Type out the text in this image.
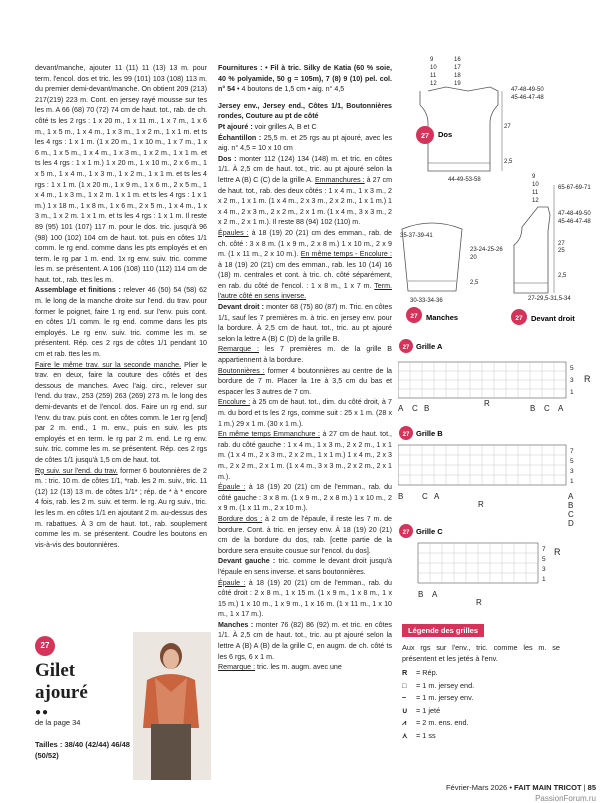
devant/manche, ajouter 11 (11) 11 (13) 13 m. pour term. l'encol. dos et tric. les 99 (101) 103 (108) 113 m. du premier demi-devant/manche. On obtient 209 (213) 217(219) 223 m. Cont. en jersey rayé mousse sur tes les m. A 66 (68) 70 (72) 74 cm de haut. tot., rab. de ch. côté ts les 2 rgs : 1 x 20 m., 1 x 11 m., 1 x 7 m., 1 x 6 m., 1 x 5 m., 1 x 4 m., 1 x 3 m., 1 x 2 m., 1 x 1 m. et ts les 4 rgs : 1 x 1 m. (1 x 20 m., 1 x 10 m., 1 x 7 m., 1 x 6 m., 1 x 5 m., 1 x 4 m., 1 x 3 m., 1 x 2 m., 1 x 1 m. et ts les 4 rgs : 1 x 1 m.) 1 x 20 m., 1 x 10 m., 2 x 6 m., 1 x 5 m., 1 x 4 m., 1 x 3 m., 1 x 2 m., 1 x 1 m. et ts les 4 rgs : 1 x 1 m. (1 x 20 m., 1 x 9 m., 1 x 6 m., 2 x 5 m., 1 x 4 m., 1 x 3 m., 1 x 2 m. 1 x 1 m. et ts les 4 rgs : 1 x 1 m.) 1 x 18 m., 1 x 8 m., 1 x 6 m., 2 x 5 m., 1 x 4 m., 1 x 3 m., 1 x 2 m. 1 x 1 m. et ts les 4 rgs : 1 x 1 m. Il reste 89 (95) 101 (107) 117 m. pour le dos. tric. jusqu'à 96 (98) 100 (102) 104 cm de haut. tot. puis en côtes 1/1 comm. le rg end. comme dans les pts employés et en term. le rg par 1 m. end. 1x rg env. suiv. tric. comme les m. se présentent. A 106 (108) 110 (112) 114 cm de haut. tot., rab. ttes les m.

Assemblage et finitions : relever 46 (50) 54 (58) 62 m. le long de la manche droite sur l'end. du trav. pour former le poignet, faire 1 rg end. sur l'env. puis cont. en côtes 1/1 comm. le rg end. comme dans les pts employés. Le rg env. suiv. tric. comme les m. se présentent. Rép. ces 2 rgs de côtes 1/1 pendant 10 cm et rab. ttes les m.

Faire le même trav. sur la seconde manche. Plier le trav. en deux, faire la couture des côtés et des dessous de manches. Avec l'aig. circ., relever sur l'end. du trav., 253 (259) 263 (269) 273 m. le long des demi-devants et de l'encol. dos. Faire un rg end. sur l'env. du trav. puis cont. en côtes comm. le 1er rg [end] par 2 m. end., 1 m. env., puis en suiv. les pts employés et en term. le rg par 2 m. end. Le rg env. suiv. tric. comme les m. se présentent. Rép. ces 2 rgs de côtes 1/1 jusqu'à 1,5 cm de haut. tot.

Rg suiv. sur l'end. du trav. former 6 boutonnières de 2 m. : tric. 10 m. de côtes 1/1, *rab. les 2 m. suiv., tric. 11 (12) 12 (13) 13 m. de côtes 1/1* ; rép. de * à * encore 4 fois, rab. les 2 m. suiv. et term. le rg. Au rg suiv., tric. les les m. en côtes 1/1 en ajoutant 2 m. au-dessus des m. rabattues. À 3 cm de haut. tot., rab. souplement comme les m. se présentent. Coudre les boutons en vis-à-vis des boutonnières.

27
Gilet ajouré
●●
de la page 34
Tailles : 38/40 (42/44) 46/48 (50/52)

Fournitures : • Fil à tric. Silky de Katia (60 % soie, 40 % polyamide, 50 g = 105m), 7 (8) 9 (10) pel. col. n° 54 • 4 boutons de 1,5 cm • aig. n° 4,5

Jersey env., Jersey end., Côtes 1/1, Boutonnières rondes, Couture au pt de côté

Pt ajouré : voir grilles A, B et C

Échantillon : 25,5 m. et 25 rgs au pt ajouré, avec les aig. n° 4,5 = 10 x 10 cm

Dos : monter 112 (124) 134 (148) m. et tric. en côtes 1/1. À 2,5 cm de haut. tot., tric. au pt ajouré selon la lettre A (B) C (C) de la grille A. Emmanchures : à 27 cm de haut. tot., rab. des deux côtés : 1 x 4 m., 1 x 3 m., 2 x 2 m., 1 x 1 m. (1 x 4 m., 2 x 3 m., 2 x 2 m., 1 x 1 m.) 1 x 4 m., 2 x 3 m., 2 x 2 m., 2 x 1 m. (1 x 4 m., 3 x 3 m., 2 x 2 m., 2 x 1 m.). Il reste 88 (94) 102 (110) m.

Épaules : à 18 (19) 20 (21) cm des emman., rab. de ch. côté : 3 x 8 m. (1 x 9 m., 2 x 8 m.) 1 x 10 m., 2 x 9 m. (1 x 11 m., 2 x 10 m.). En même temps - Encolure : à 18 (19) 20 (21) cm des emman., rab. les 10 (14) 16 (18) m. centrales et cont. à tric. ch. côté séparément, en rab. du côté de l'encol. : 1 x 8 m., 1 x 7 m. Term. l'autre côté en sens inverse.

Devant droit : monter 68 (75) 80 (87) m. Tric. en côtes 1/1, sauf les 7 premières m. à tric. en jersey env. pour la bordure. À 2,5 cm de haut. tot., tric. au pt ajouré selon la lettre A (B) C (D) de la grille B.

Remarque : les 7 premières m. de la grille B appartiennent à la bordure.

Boutonnières : former 4 boutonnières au centre de la bordure de 7 m. Placer la 1re à 3,5 cm du bas et espacer les 3 autres de 7 cm.

Encolure : à 25 cm de haut. tot., dim. du côté droit, à 7 m. du bord et ts les 2 rgs, comme suit : 25 x 1 m. (28 x 1 m.) 29 x 1 m. (30 x 1 m.).

En même temps Emmanchure : à 27 cm de haut. tot., rab. du côté gauche : 1 x 4 m., 1 x 3 m., 2 x 2 m., 1 x 1 m. (1 x 4 m., 2 x 3 m., 2 x 2 m., 1 x 1 m.) 1 x 4 m., 2 x 3 m., 2 x 2 m., 2 x 1 m. (1 x 4 m., 3 x 3 m., 2 x 2 m., 2 x 1 m.).

Épaule : à 18 (19) 20 (21) cm de l'emman., rab. du côté gauche : 3 x 8 m. (1 x 9 m., 2 x 8 m.) 1 x 10 m., 2 x 9 m. (1 x 11 m., 2 x 10 m.).

Bordure dos : à 2 cm de l'épaule, il reste les 7 m. de bordure. Cont. à tric. en jersey env. À 18 (19) 20 (21) cm de la bordure du dos, rab. [cette partie de la bordure sera ensuite cousue sur l'encol. du dos].

Devant gauche : tric. comme le devant droit jusqu'à l'épaule en sens inverse. et sans boutonnières.

Épaule : à 18 (19) 20 (21) cm de l'emman., rab. du côté droit : 2 x 8 m., 1 x 15 m. (1 x 9 m., 1 x 8 m., 1 x 15 m.) 1 x 10 m., 1 x 9 m., 1 x 16 m. (1 x 11 m., 1 x 10 m., 1 x 17 m.).

Manches : monter 76 (82) 86 (92) m. et tric. en côtes 1/1. À 2,5 cm de haut. tot., tric. au pt ajouré selon la lettre A (B) A (B) de la grille C, en augm. de ch. côté ts les 6 rgs, 6 x 1 m.

Remarque : tric. les m. augm. avec une

9
10
11
12
16
17
18
19
47-48-49-50
45-46-47-48
27
2,5
44-49-53-58
27 Dos
9
10
11
12
65-67-69-71
47-48-49-50
45-46-47-48
27
25
2,5
27-29,5-31,5-34
27 Devant droit
35-37-39-41
23-24-25-26
20
2,5
30-33-34-36
27 Manches
27 Grille A
5
3
1
R
A C B
R
B C A
27 Grille B
7
5
3
1
B C A
R
A
B
C
D
27 Grille C
7
5
3
1
R
B A
R
Légende des grilles
Aux rgs sur l'env., tric. comme les m. se présentent et les jetés à l'env.
R	= Rép.
□	= 1 m. jersey end.
−	= 1 m. jersey env.
∪	= 1 jeté
⩘	= 2 m. ens. end.
⋏	= 1 ss
Février-Mars 2026 • FAIT MAIN TRICOT | 85
PassionForum.ru
